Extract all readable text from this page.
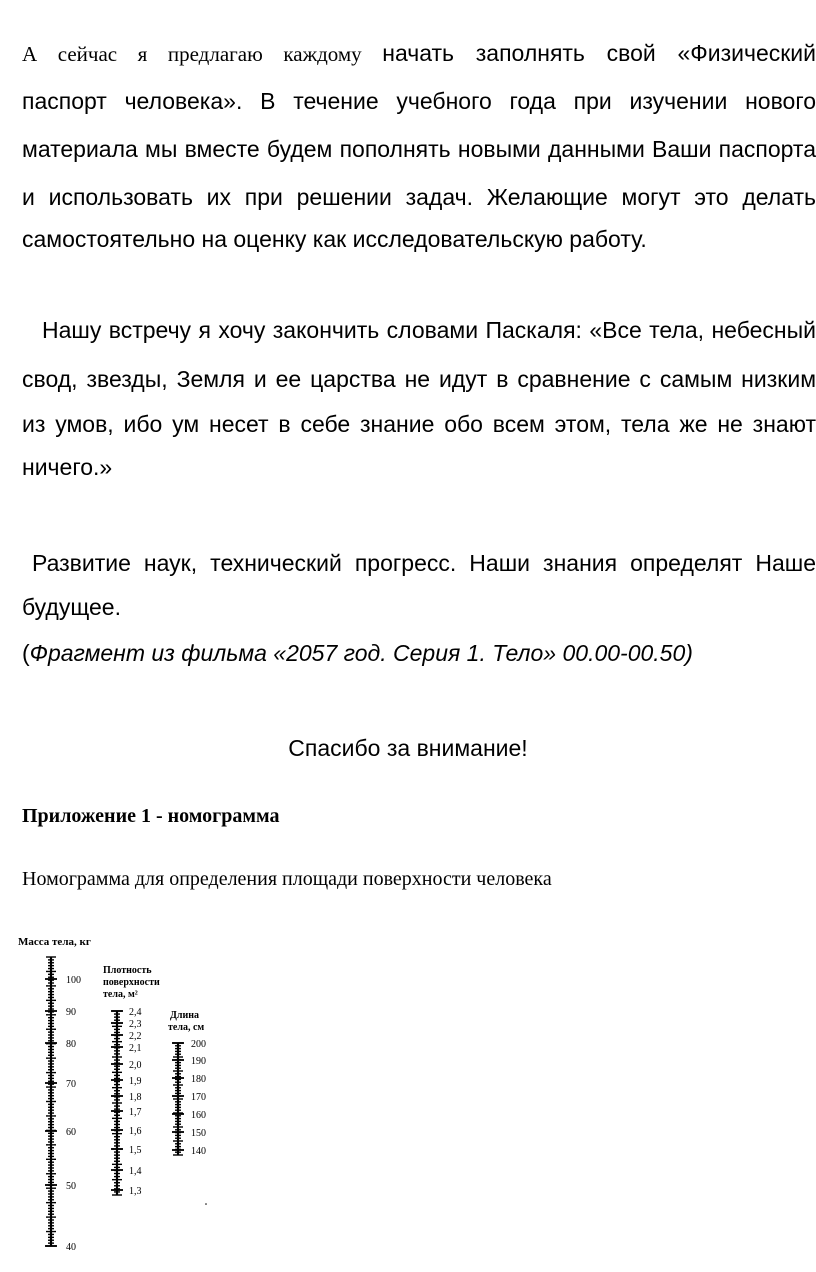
А сейчас я предлагаю каждому начать заполнять свой «Физический
паспорт человека». В течение учебного года при изучении нового
материала мы вместе будем пополнять новыми данными Ваши паспорта
и использовать их при решении задач. Желающие могут это делать
самостоятельно на оценку как исследовательскую работу.
Нашу встречу я хочу закончить словами Паскаля: «Все тела, небесный
свод, звезды, Земля и ее царства не идут в сравнение с самым низким
из умов, ибо ум несет в себе знание обо всем этом, тела же не знают
ничего.»
Развитие наук, технический прогресс. Наши знания определят Наше
будущее.
(Фрагмент из фильма «2057 год. Серия 1. Тело» 00.00-00.50)
Спасибо за внимание!
Приложение 1 - номограмма
Номограмма для определения площади поверхности человека
Масса тела, кг
Плотность
поверхности
тела, м²
Длина
тела, см
100
90
80
70
60
50
40
2,4
2,3
2,2
2,1
2,0
1,9
1,8
1,7
1,6
1,5
1,4
1,3
200
190
180
170
160
150
140
